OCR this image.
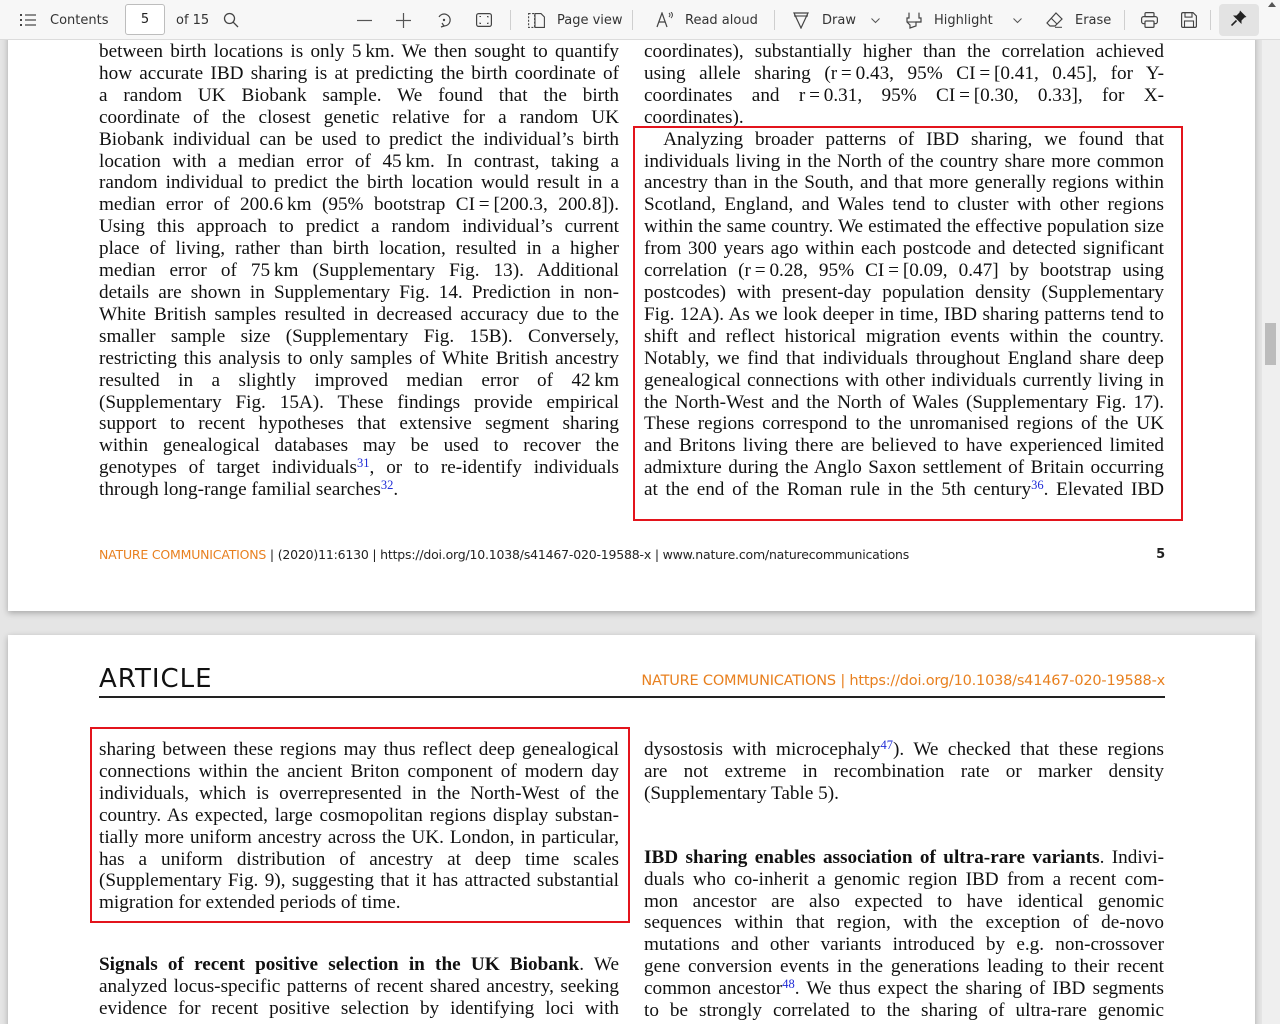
Contents	5	of 15	Page view	Read aloud	Draw	Highlight	Erase
between birth locations is only 5 km. We then sought to quantify
how accurate IBD sharing is at predicting the birth coordinate of
a random UK Biobank sample. We found that the birth
coordinate of the closest genetic relative for a random UK
Biobank individual can be used to predict the individual’s birth
location with a median error of 45 km. In contrast, taking a
random individual to predict the birth location would result in a
median error of 200.6 km (95% bootstrap CI = [200.3, 200.8]).
Using this approach to predict a random individual’s current
place of living, rather than birth location, resulted in a higher
median error of 75 km (Supplementary Fig. 13). Additional
details are shown in Supplementary Fig. 14. Prediction in non-
White British samples resulted in decreased accuracy due to the
smaller sample size (Supplementary Fig. 15B). Conversely,
restricting this analysis to only samples of White British ancestry
resulted in a slightly improved median error of 42 km
(Supplementary Fig. 15A). These findings provide empirical
support to recent hypotheses that extensive segment sharing
within genealogical databases may be used to recover the
genotypes of target individuals$^{31}$, or to re-identify individuals
through long-range familial searches$^{32}$.
coordinates), substantially higher than the correlation achieved
using allele sharing (r = 0.43, 95% CI = [0.41, 0.45], for Y-
coordinates and r = 0.31, 95% CI = [0.30, 0.33], for X-
coordinates).
 Analyzing broader patterns of IBD sharing, we found that
individuals living in the North of the country share more common
ancestry than in the South, and that more generally regions within
Scotland, England, and Wales tend to cluster with other regions
within the same country. We estimated the effective population size
from 300 years ago within each postcode and detected significant
correlation (r = 0.28, 95% CI = [0.09, 0.47] by bootstrap using
postcodes) with present-day population density (Supplementary
Fig. 12A). As we look deeper in time, IBD sharing patterns tend to
shift and reflect historical migration events within the country.
Notably, we find that individuals throughout England share deep
genealogical connections with other individuals currently living in
the North-West and the North of Wales (Supplementary Fig. 17).
These regions correspond to the unromanised regions of the UK
and Britons living there are believed to have experienced limited
admixture during the Anglo Saxon settlement of Britain occurring
at the end of the Roman rule in the 5th century$^{36}$. Elevated IBD
NATURE COMMUNICATIONS | (2020)11:6130 | https://doi.org/10.1038/s41467-020-19588-x | www.nature.com/naturecommunications	5
ARTICLE	NATURE COMMUNICATIONS | https://doi.org/10.1038/s41467-020-19588-x
sharing between these regions may thus reflect deep genealogical
connections within the ancient Briton component of modern day
individuals, which is overrepresented in the North-West of the
country. As expected, large cosmopolitan regions display substan-
tially more uniform ancestry across the UK. London, in particular,
has a uniform distribution of ancestry at deep time scales
(Supplementary Fig. 9), suggesting that it has attracted substantial
migration for extended periods of time.
Signals of recent positive selection in the UK Biobank. We
analyzed locus-specific patterns of recent shared ancestry, seeking
evidence for recent positive selection by identifying loci with
dysostosis with microcephaly$^{47}$). We checked that these regions
are not extreme in recombination rate or marker density
(Supplementary Table 5).
IBD sharing enables association of ultra-rare variants. Indivi-
duals who co-inherit a genomic region IBD from a recent com-
mon ancestor are also expected to have identical genomic
sequences within that region, with the exception of de-novo
mutations and other variants introduced by e.g. non-crossover
gene conversion events in the generations leading to their recent
common ancestor$^{48}$. We thus expect the sharing of IBD segments
to be strongly correlated to the sharing of ultra-rare genomic
